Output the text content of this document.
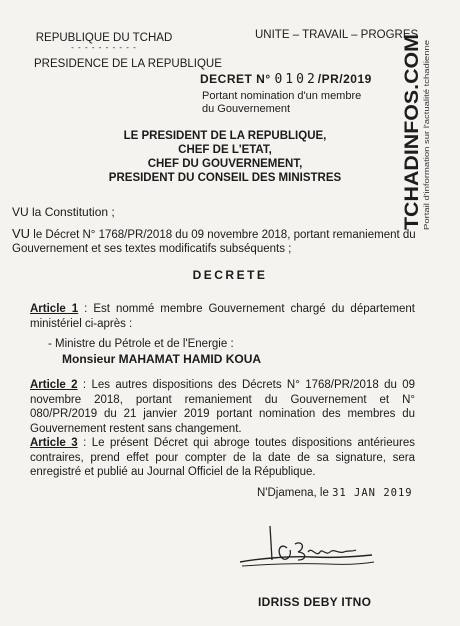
REPUBLIQUE DU TCHAD
- - - - - - - - - -
PRESIDENCE DE LA REPUBLIQUE
UNITE – TRAVAIL – PROGRES
DECRET N° 0102/PR/2019
Portant nomination d'un membre du Gouvernement	TCHADINFOS.COM Portail d'information sur l'actualité tchadienne
LE PRESIDENT DE LA REPUBLIQUE,
CHEF DE L'ETAT,
CHEF DU GOUVERNEMENT,
PRESIDENT DU CONSEIL DES MINISTRES
VU la Constitution ;
VU le Décret N° 1768/PR/2018 du 09 novembre 2018, portant remaniement du Gouvernement et ses textes modificatifs subséquents ;
DECRETE
Article 1 : Est nommé membre Gouvernement chargé du département ministériel ci-après :
- Ministre du Pétrole et de l'Energie :
Monsieur MAHAMAT HAMID KOUA
Article 2 : Les autres dispositions des Décrets N° 1768/PR/2018 du 09 novembre 2018, portant remaniement du Gouvernement et N° 080/PR/2019 du 21 janvier 2019 portant nomination des membres du Gouvernement restent sans changement.
Article 3 : Le présent Décret qui abroge toutes dispositions antérieures contraires, prend effet pour compter de la date de sa signature, sera enregistré et publié au Journal Officiel de la République.
N'Djamena, le 31 JAN 2019
IDRISS DEBY ITNO
